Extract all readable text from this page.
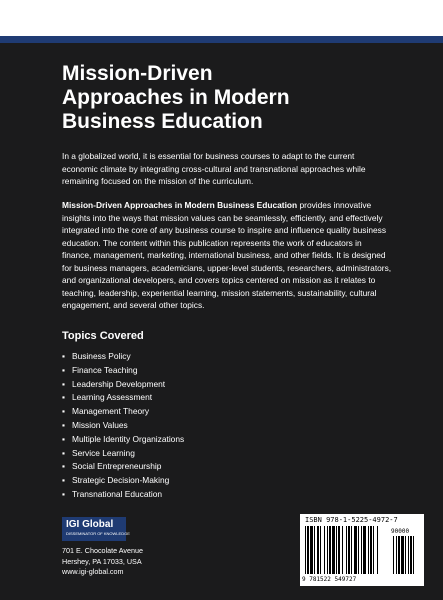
Mission-Driven
Approaches in Modern
Business Education

In a globalized world, it is essential for business courses to adapt to the current economic climate by integrating cross-cultural and transnational approaches while remaining focused on the mission of the curriculum.

Mission-Driven Approaches in Modern Business Education provides innovative insights into the ways that mission values can be seamlessly, efficiently, and effectively integrated into the core of any business course to inspire and influence quality business education. The content within this publication represents the work of educators in finance, management, marketing, international business, and other fields. It is designed for business managers, academicians, upper-level students, researchers, administrators, and organizational developers, and covers topics centered on mission as it relates to teaching, leadership, experiential learning, mission statements, sustainability, cultural engagement, and several other topics.

Topics Covered
▪ Business Policy
▪ Finance Teaching
▪ Leadership Development
▪ Learning Assessment
▪ Management Theory
▪ Mission Values
▪ Multiple Identity Organizations
▪ Service Learning
▪ Social Entrepreneurship
▪ Strategic Decision-Making
▪ Transnational Education
IGI Global
DISSEMINATOR OF KNOWLEDGE
701 E. Chocolate Avenue
Hershey, PA 17033, USA
www.igi-global.com
ISBN 978-1-5225-4972-7
90000
9 781522 549727
